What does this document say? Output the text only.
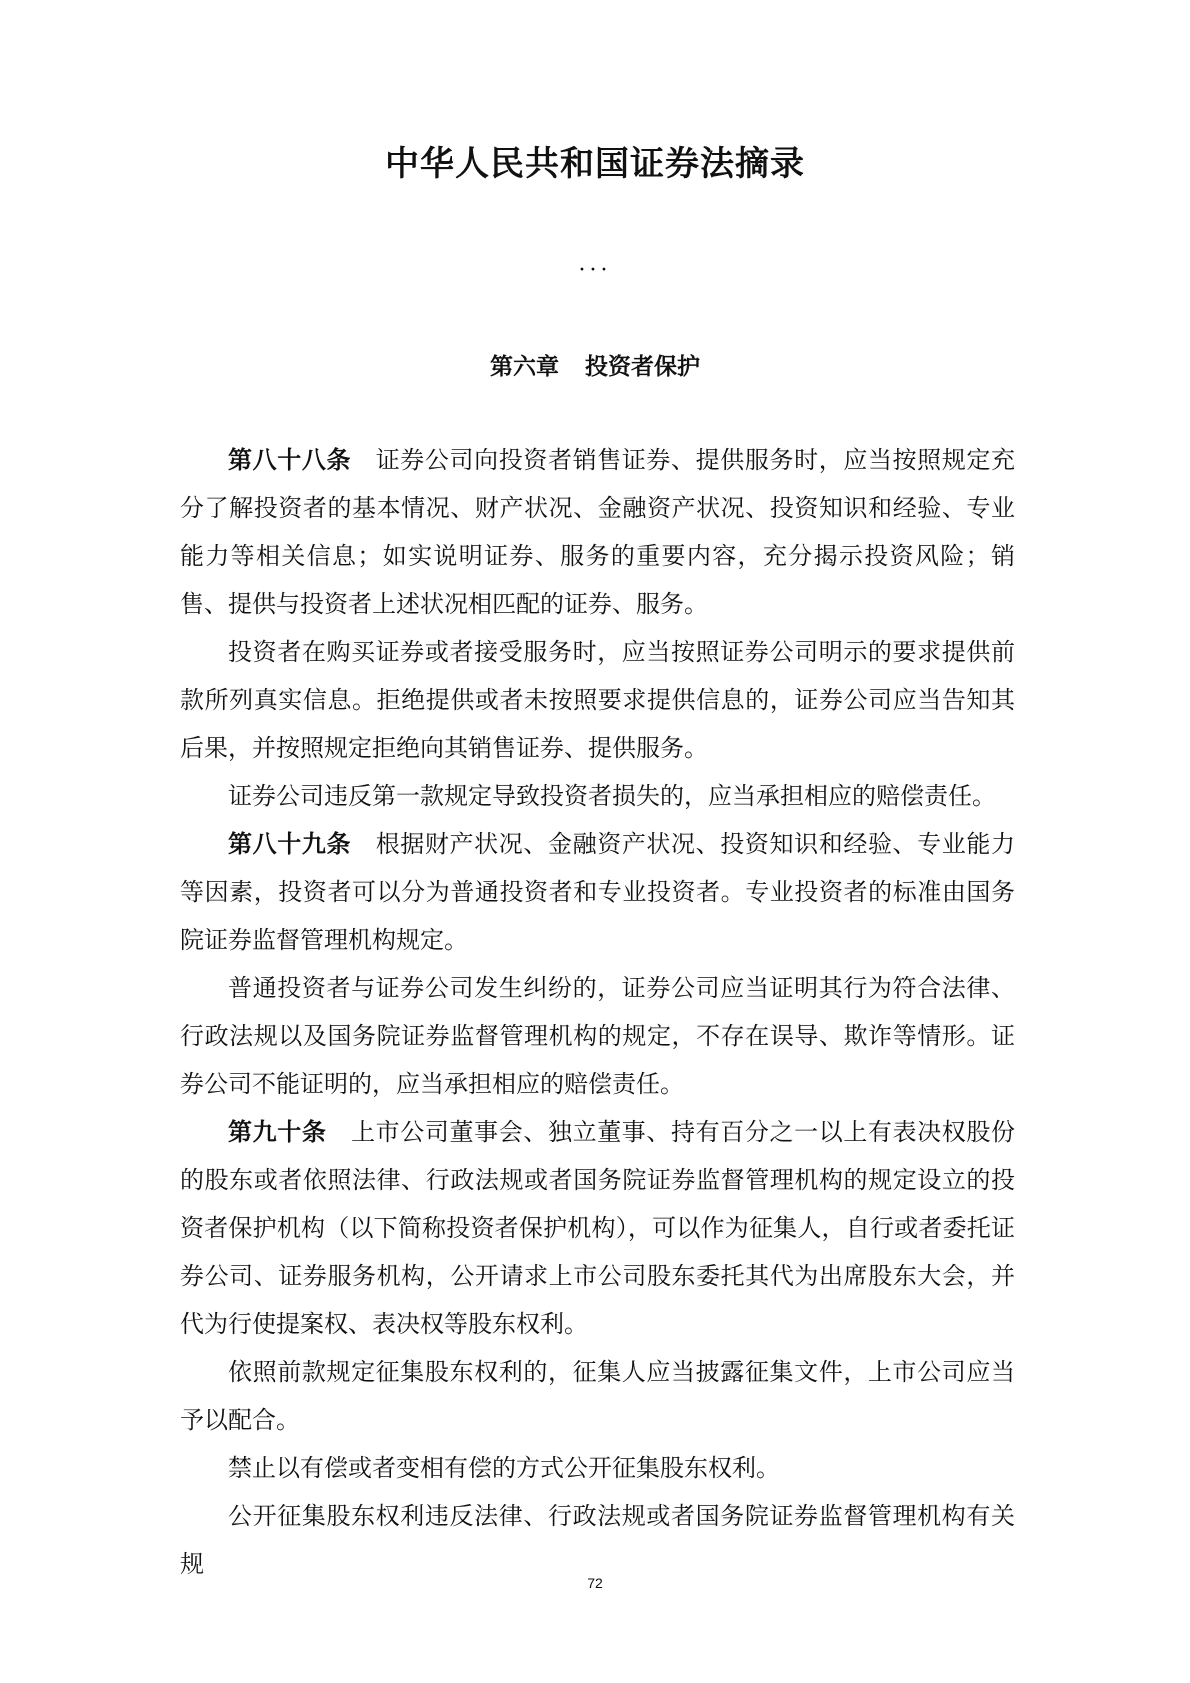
中华人民共和国证券法摘录

···

第六章 投资者保护

第八十八条 证券公司向投资者销售证券、提供服务时，应当按照规定充分了解投资者的基本情况、财产状况、金融资产状况、投资知识和经验、专业能力等相关信息；如实说明证券、服务的重要内容，充分揭示投资风险；销售、提供与投资者上述状况相匹配的证券、服务。

投资者在购买证券或者接受服务时，应当按照证券公司明示的要求提供前款所列真实信息。拒绝提供或者未按照要求提供信息的，证券公司应当告知其后果，并按照规定拒绝向其销售证券、提供服务。

证券公司违反第一款规定导致投资者损失的，应当承担相应的赔偿责任。

第八十九条 根据财产状况、金融资产状况、投资知识和经验、专业能力等因素，投资者可以分为普通投资者和专业投资者。专业投资者的标准由国务院证券监督管理机构规定。

普通投资者与证券公司发生纠纷的，证券公司应当证明其行为符合法律、行政法规以及国务院证券监督管理机构的规定，不存在误导、欺诈等情形。证券公司不能证明的，应当承担相应的赔偿责任。

第九十条 上市公司董事会、独立董事、持有百分之一以上有表决权股份的股东或者依照法律、行政法规或者国务院证券监督管理机构的规定设立的投资者保护机构（以下简称投资者保护机构），可以作为征集人，自行或者委托证券公司、证券服务机构，公开请求上市公司股东委托其代为出席股东大会，并代为行使提案权、表决权等股东权利。

依照前款规定征集股东权利的，征集人应当披露征集文件，上市公司应当予以配合。

禁止以有偿或者变相有偿的方式公开征集股东权利。

公开征集股东权利违反法律、行政法规或者国务院证券监督管理机构有关规

72
